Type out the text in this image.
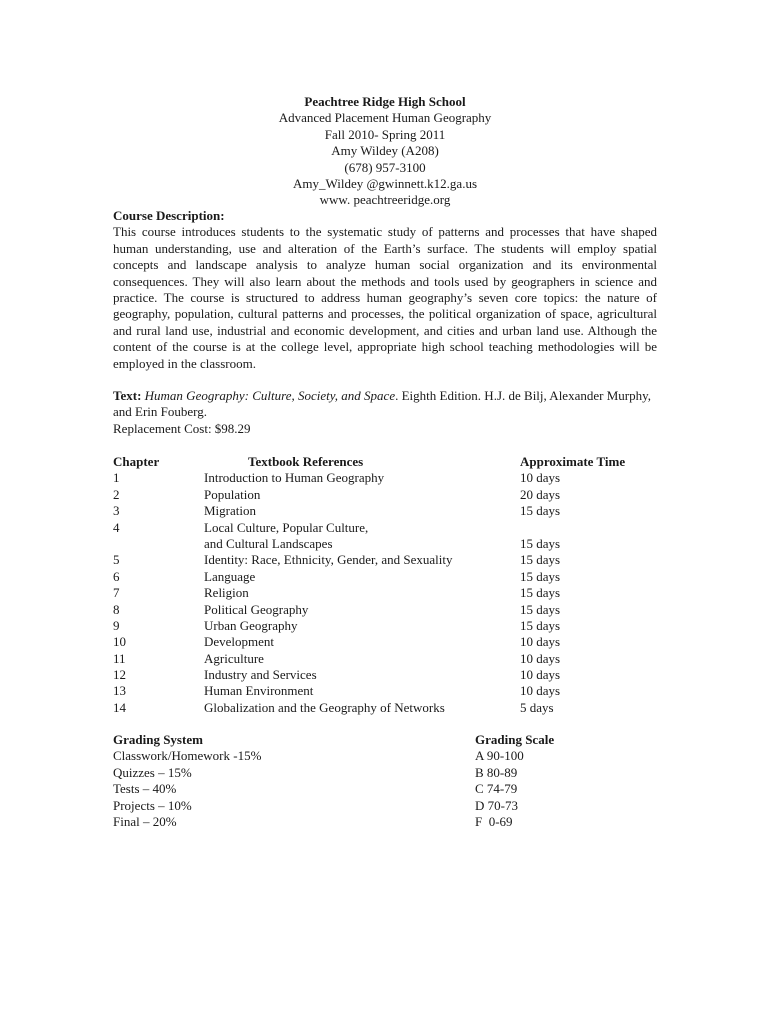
Peachtree Ridge High School
Advanced Placement Human Geography
Fall 2010- Spring 2011
Amy Wildey (A208)
(678) 957-3100
Amy_Wildey @gwinnett.k12.ga.us
www. peachtreeridge.org
Course Description:
This course introduces students to the systematic study of patterns and processes that have shaped human understanding, use and alteration of the Earth’s surface. The students will employ spatial concepts and landscape analysis to analyze human social organization and its environmental consequences. They will also learn about the methods and tools used by geographers in science and practice. The course is structured to address human geography’s seven core topics: the nature of geography, population, cultural patterns and processes, the political organization of space, agricultural and rural land use, industrial and economic development, and cities and urban land use. Although the content of the course is at the college level, appropriate high school teaching methodologies will be employed in the classroom.
Text: Human Geography: Culture, Society, and Space. Eighth Edition. H.J. de Bilj, Alexander Murphy, and Erin Fouberg.
Replacement Cost: $98.29
Chapter	Textbook References	Approximate Time
1	Introduction to Human Geography	10 days
2	Population	20 days
3	Migration	15 days
4	Local Culture, Popular Culture,
and Cultural Landscapes	15 days
5	Identity: Race, Ethnicity, Gender, and Sexuality	15 days
6	Language	15 days
7	Religion	15 days
8	Political Geography	15 days
9	Urban Geography	15 days
10	Development	10 days
11	Agriculture	10 days
12	Industry and Services	10 days
13	Human Environment	10 days
14	Globalization and the Geography of Networks	5 days
Grading System
Classwork/Homework -15%
Quizzes – 15%
Tests – 40%
Projects – 10%
Final – 20%
Grading Scale
A 90-100
B 80-89
C 74-79
D 70-73
F  0-69
